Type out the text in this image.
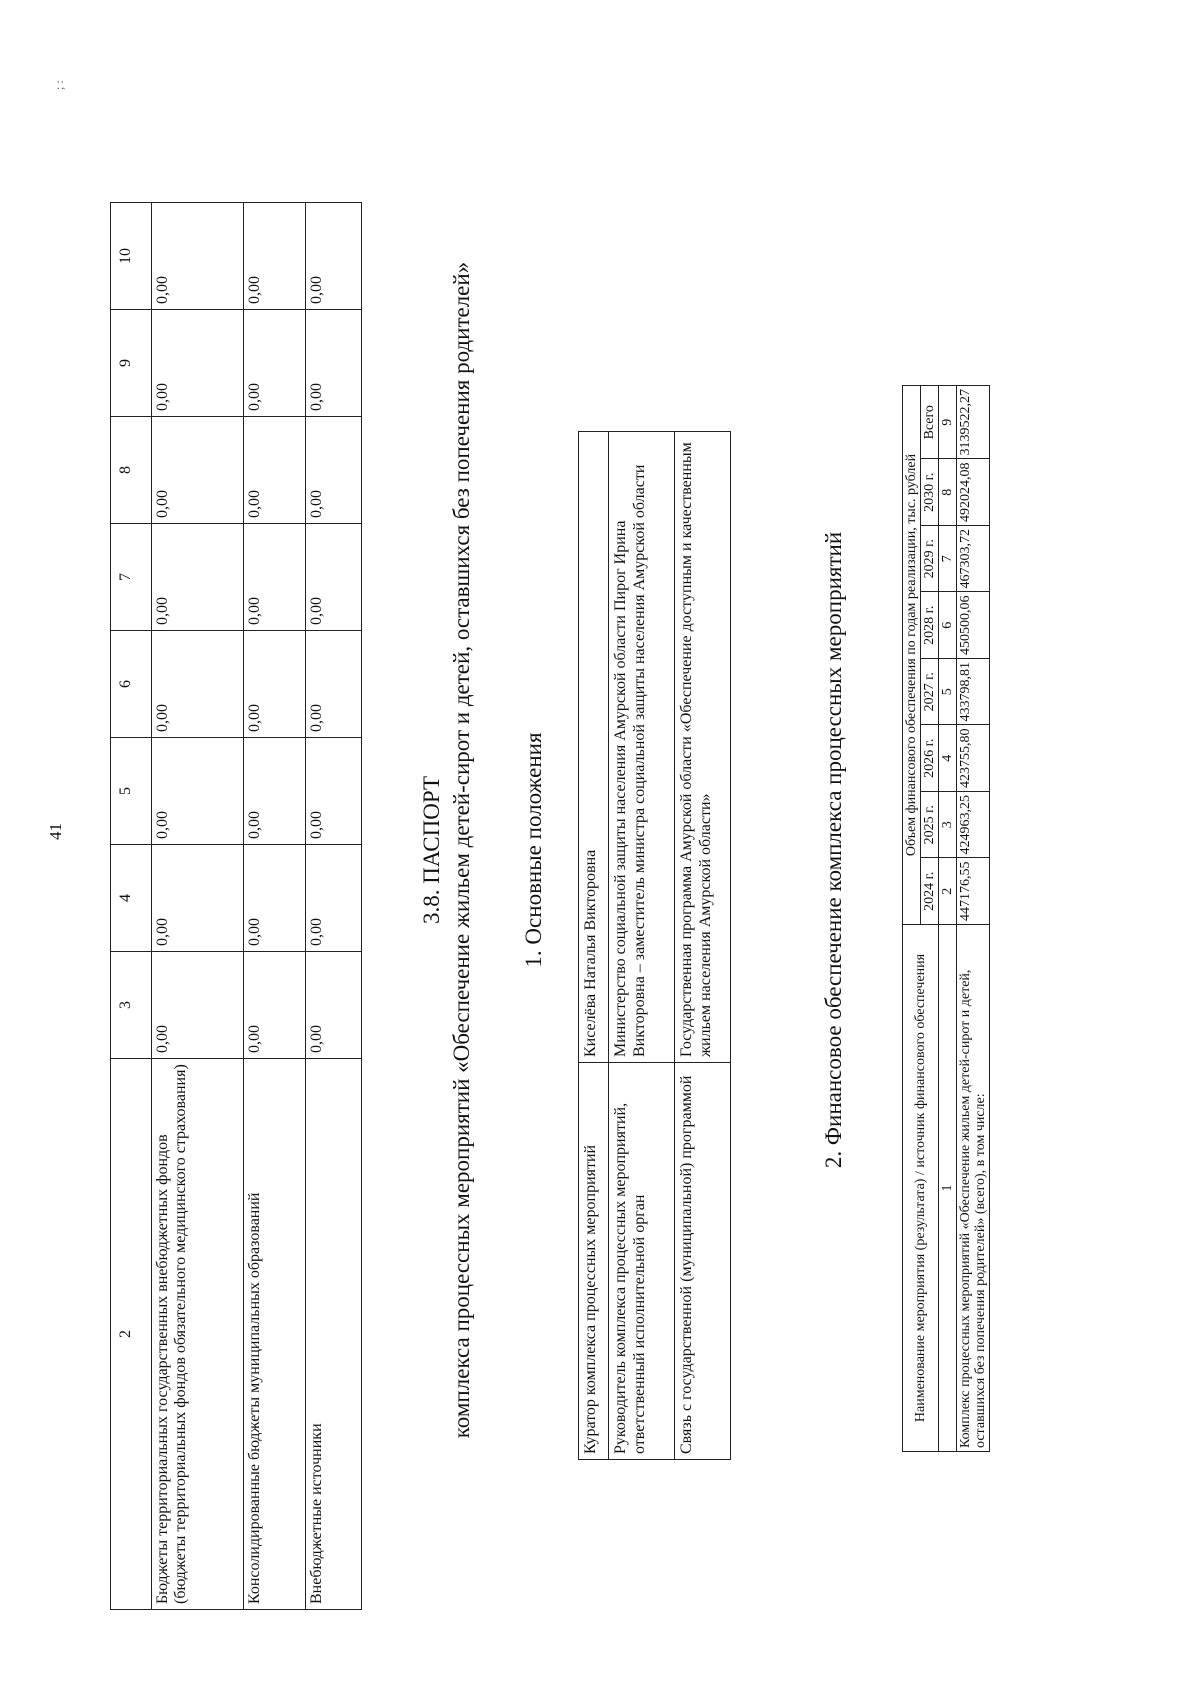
41
; :
2	3	4	5	6	7	8	9	10
Бюджеты территориальных государственных внебюджетных фондов (бюджеты территориальных фондов обязательного медицинского страхования)	0,00	0,00	0,00	0,00	0,00	0,00	0,00	0,00
Консолидированные бюджеты муниципальных образований	0,00	0,00	0,00	0,00	0,00	0,00	0,00	0,00
Внебюджетные источники	0,00	0,00	0,00	0,00	0,00	0,00	0,00	0,00
3.8. ПАСПОРТ комплекса процессных мероприятий «Обеспечение жильем детей-сирот и детей, оставшихся без попечения родителей» 1. Основные положения
Куратор комплекса процессных мероприятий	Киселёва Наталья Викторовна
Руководитель комплекса процессных мероприятий, ответственный исполнительной орган	Министерство социальной защиты населения Амурской области Пирог Ирина Викторовна – заместитель министра социальной защиты населения Амурской области
Связь с государственной (муниципальной) программой	Государственная программа Амурской области «Обеспечение доступным и качественным жильем населения Амурской области»	2. Финансовое обеспечение комплекса процессных мероприятий
Наименование мероприятия (результата) / источник финансового обеспечения	Объем финансового обеспечения по годам реализации, тыс. рублей							
	2024 г.	2025 г.	2026 г.	2027 г.	2028 г.	2029 г.	2030 г.	Всего
1	2	3	4	5	6	7	8	9
Комплекс процессных мероприятий «Обеспечение жильем детей-сирот и детей, оставшихся без попечения родителей» (всего), в том числе:	447176,55	424963,25	423755,80	433798,81	450500,06	467303,72	492024,08	3139522,27
